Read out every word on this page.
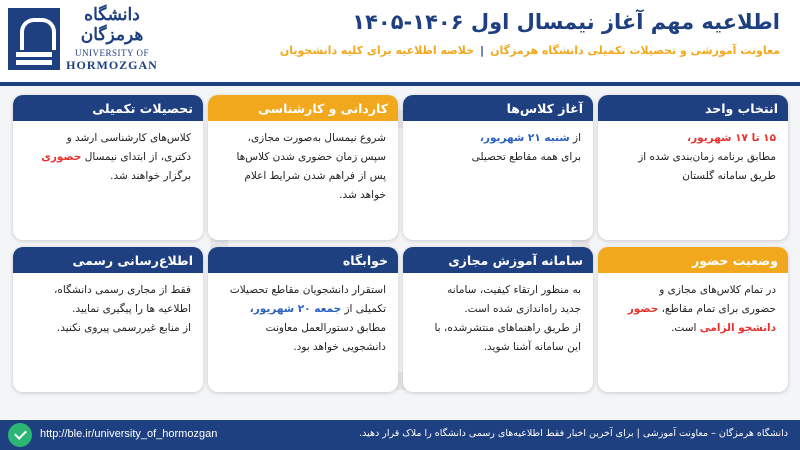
دانشگاه هرمزگان
UNIVERSITY OF
HORMOZGAN
اطلاعیه مهم آغاز نیمسال اول ۱۴۰۶-۱۴۰۵
معاونت آموزشی و تحصیلات تکمیلی دانشگاه هرمزگان|خلاصه اطلاعیه برای کلیه دانشجویان
انتخاب واحد

۱۵ تا ۱۷ شهریور،

مطابق برنامه زمان‌بندی شده از

طریق سامانه گلستان

آغاز کلاس‌ها

از شنبه ۲۱ شهریور،

برای همه مقاطع تحصیلی

کاردانی و کارشناسی

شروع نیمسال به‌صورت مجازی،

سپس زمان حضوری شدن کلاس‌ها

پس از فراهم شدن شرایط اعلام

خواهد شد.

تحصیلات تکمیلی

کلاس‌های کارشناسی ارشد و

دکتری، از ابتدای نیمسال حضوری

برگزار خواهند شد.

وضعیت حضور

در تمام کلاس‌های مجازی و

حضوری برای تمام مقاطع، حضور

دانشجو الزامی است.

سامانه آموزش مجازی

به منظور ارتقاء کیفیت، سامانه

جدید راه‌اندازی شده است.

از طریق راهنماهای منتشرشده، با

این سامانه آشنا شوید.

خوابگاه

استقرار دانشجویان مقاطع تحصیلات

تکمیلی از جمعه ۲۰ شهریور،

مطابق دستورالعمل معاونت

دانشجویی خواهد بود.

اطلاع‌رسانی رسمی

فقط از مجاری رسمی دانشگاه،

اطلاعیه ها را پیگیری نمایید.

از منابع غیررسمی پیروی نکنید.

http://ble.ir/university_of_hormozgan	دانشگاه هرمزگان – معاونت آموزشی | برای آخرین اخبار فقط اطلاعیه‌های رسمی دانشگاه را ملاک قرار دهید.
